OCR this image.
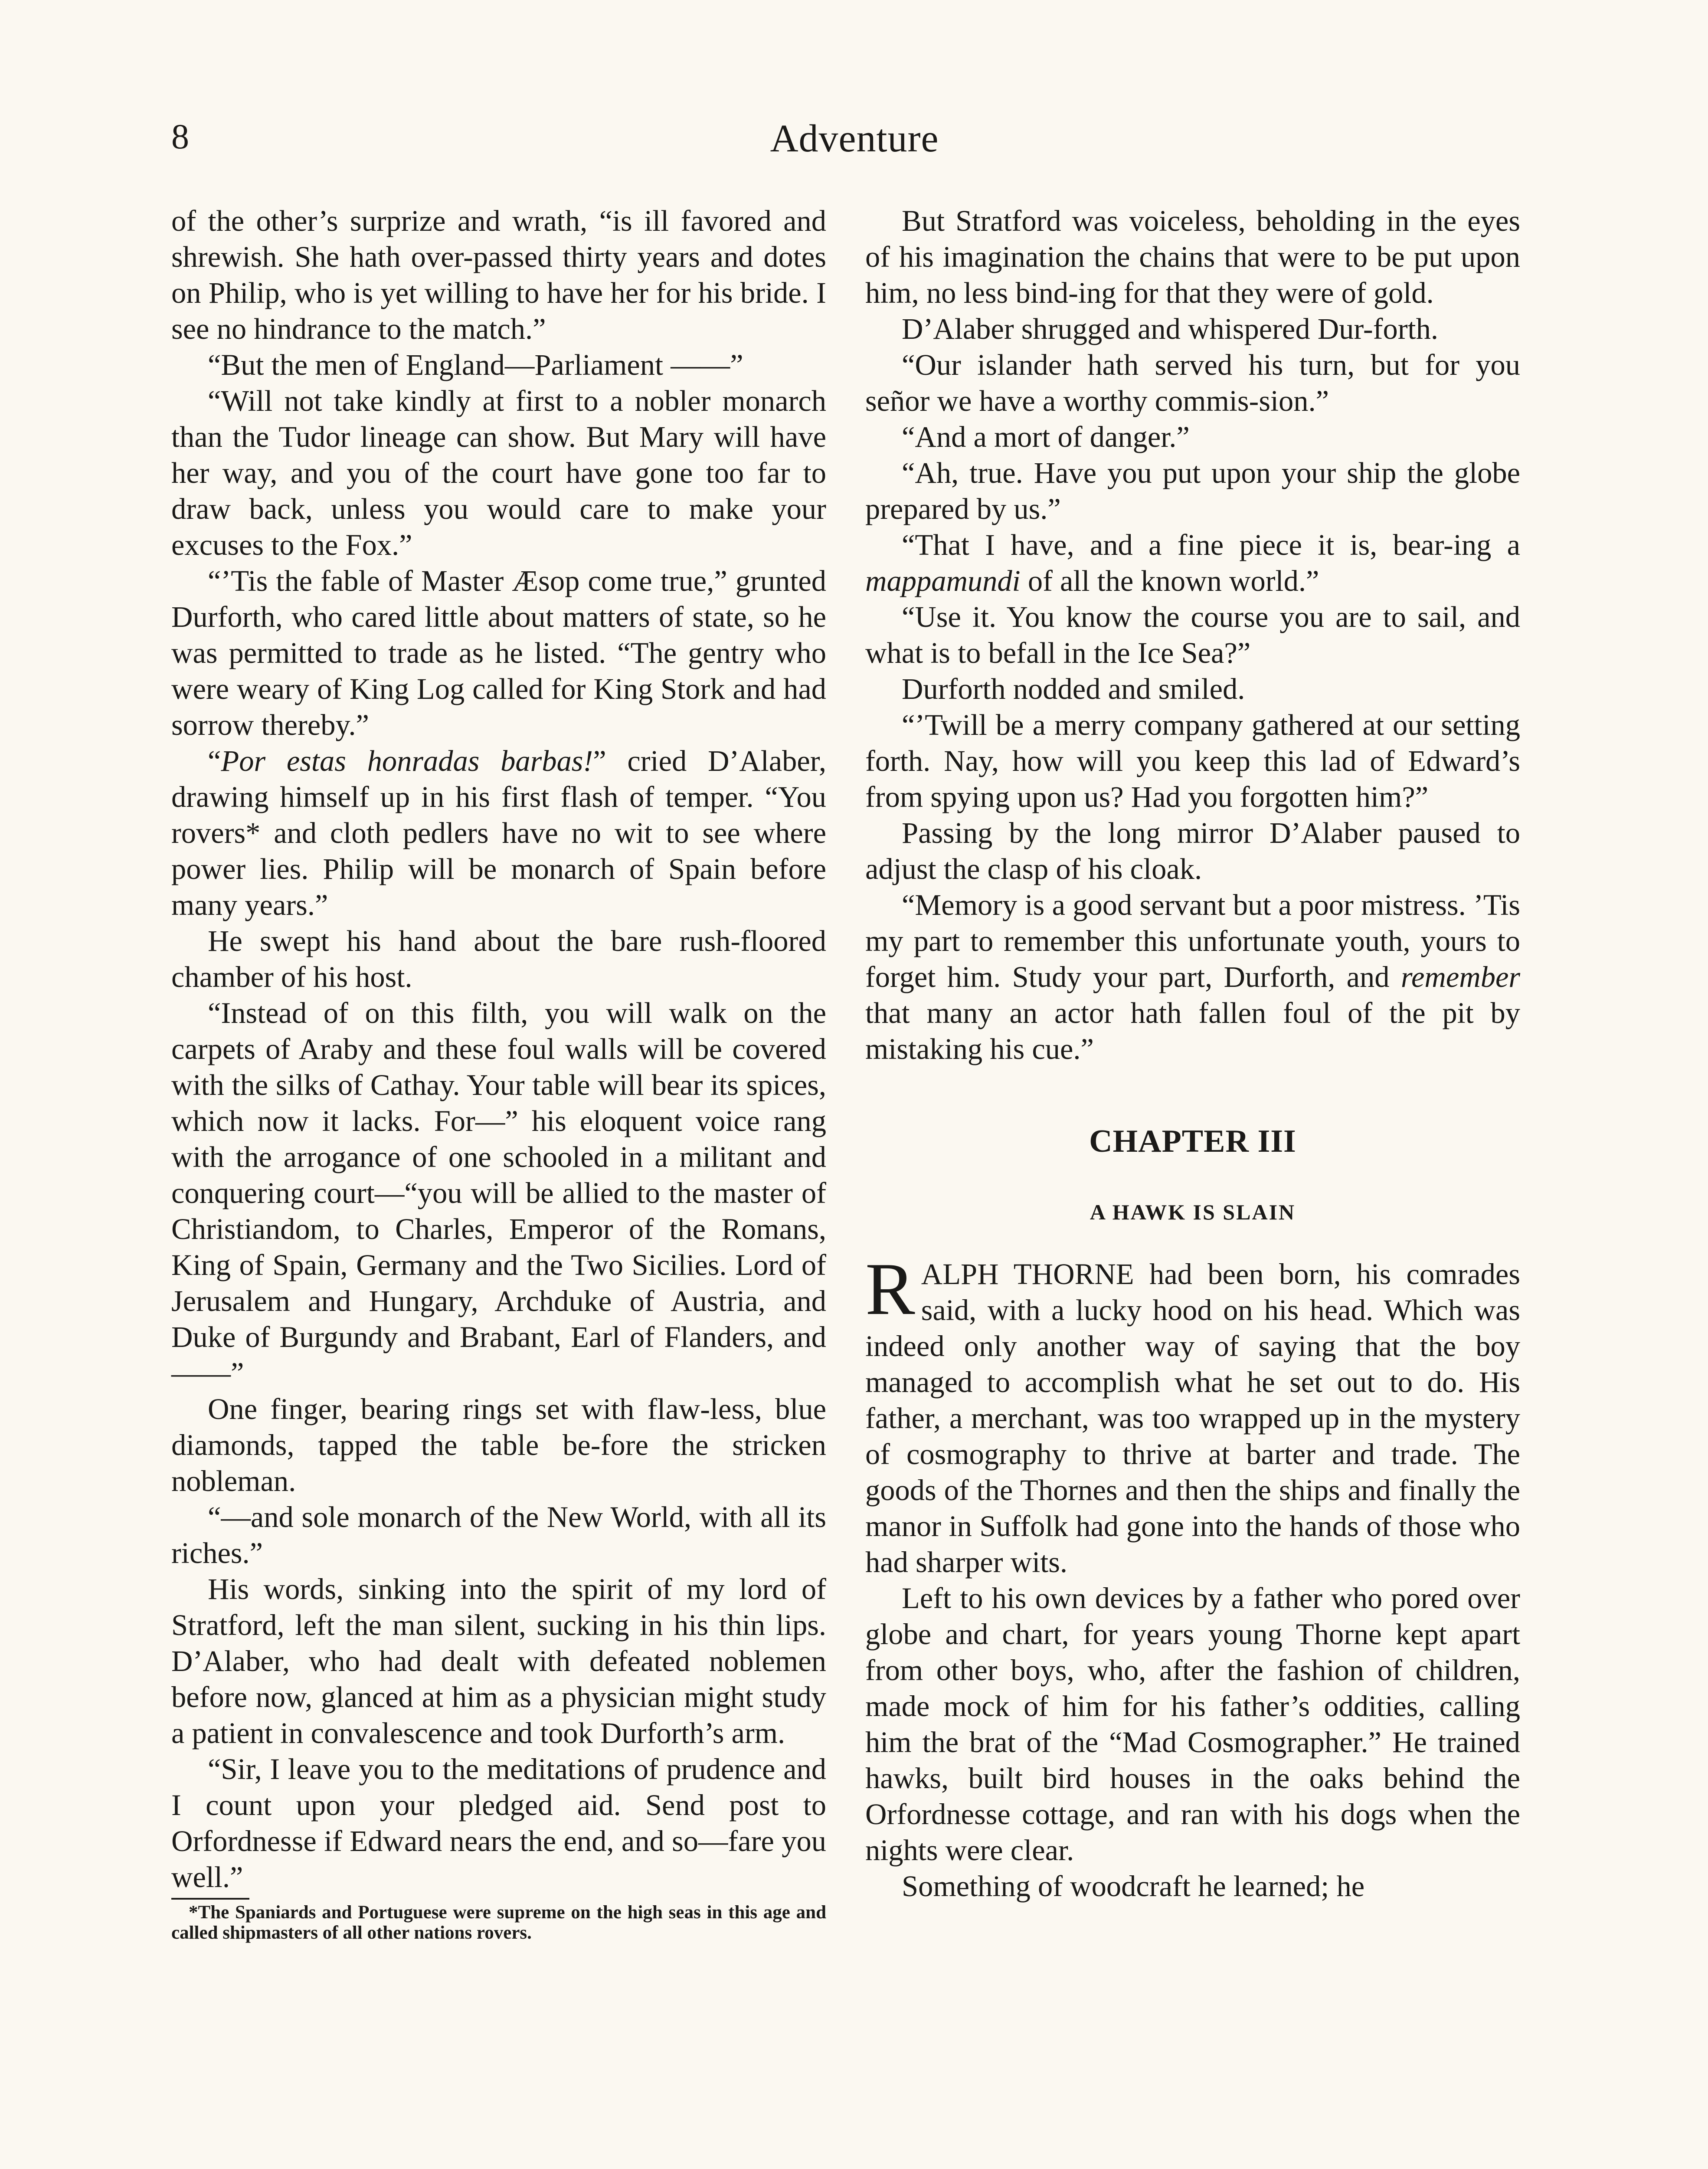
8	Adventure

of the other’s surprize and wrath, “is ill favored and shrewish. She hath over-passed thirty years and dotes on Philip, who is yet willing to have her for his bride. I see no hindrance to the match.”

“But the men of England—Parliament ——”

“Will not take kindly at first to a nobler monarch than the Tudor lineage can show. But Mary will have her way, and you of the court have gone too far to draw back, unless you would care to make your excuses to the Fox.”

“’Tis the fable of Master Æsop come true,” grunted Durforth, who cared little about matters of state, so he was permitted to trade as he listed. “The gentry who were weary of King Log called for King Stork and had sorrow thereby.”

“Por estas honradas barbas!” cried D’Alaber, drawing himself up in his first flash of temper. “You rovers* and cloth pedlers have no wit to see where power lies. Philip will be monarch of Spain before many years.”

He swept his hand about the bare rush-floored chamber of his host.

“Instead of on this filth, you will walk on the carpets of Araby and these foul walls will be covered with the silks of Cathay. Your table will bear its spices, which now it lacks. For—” his eloquent voice rang with the arrogance of one schooled in a militant and conquering court—“you will be allied to the master of Christiandom, to Charles, Emperor of the Romans, King of Spain, Germany and the Two Sicilies. Lord of Jerusalem and Hungary, Archduke of Austria, and Duke of Burgundy and Brabant, Earl of Flanders, and——”

One finger, bearing rings set with flaw-less, blue diamonds, tapped the table be-fore the stricken nobleman.

“—and sole monarch of the New World, with all its riches.”

His words, sinking into the spirit of my lord of Stratford, left the man silent, sucking in his thin lips. D’Alaber, who had dealt with defeated noblemen before now, glanced at him as a physician might study a patient in convalescence and took Durforth’s arm.

“Sir, I leave you to the meditations of prudence and I count upon your pledged aid. Send post to Orfordnesse if Edward nears the end, and so—fare you well.”

*The Spaniards and Portuguese were supreme on the high seas in this age and called shipmasters of all other nations rovers.

But Stratford was voiceless, beholding in the eyes of his imagination the chains that were to be put upon him, no less bind-ing for that they were of gold.

D’Alaber shrugged and whispered Dur-forth.

“Our islander hath served his turn, but for you señor we have a worthy commis-sion.”

“And a mort of danger.”

“Ah, true. Have you put upon your ship the globe prepared by us.”

“That I have, and a fine piece it is, bear-ing a mappamundi of all the known world.”

“Use it. You know the course you are to sail, and what is to befall in the Ice Sea?”

Durforth nodded and smiled.

“’Twill be a merry company gathered at our setting forth. Nay, how will you keep this lad of Edward’s from spying upon us? Had you forgotten him?”

Passing by the long mirror D’Alaber paused to adjust the clasp of his cloak.

“Memory is a good servant but a poor mistress. ’Tis my part to remember this unfortunate youth, yours to forget him. Study your part, Durforth, and remember that many an actor hath fallen foul of the pit by mistaking his cue.”

CHAPTER III
A HAWK IS SLAIN

RALPH THORNE had been born, his comrades said, with a lucky hood on his head. Which was indeed only another way of saying that the boy managed to accomplish what he set out to do. His father, a merchant, was too wrapped up in the mystery of cosmography to thrive at barter and trade. The goods of the Thornes and then the ships and finally the manor in Suffolk had gone into the hands of those who had sharper wits.

Left to his own devices by a father who pored over globe and chart, for years young Thorne kept apart from other boys, who, after the fashion of children, made mock of him for his father’s oddities, calling him the brat of the “Mad Cosmographer.” He trained hawks, built bird houses in the oaks behind the Orfordnesse cottage, and ran with his dogs when the nights were clear.

Something of woodcraft he learned; he
